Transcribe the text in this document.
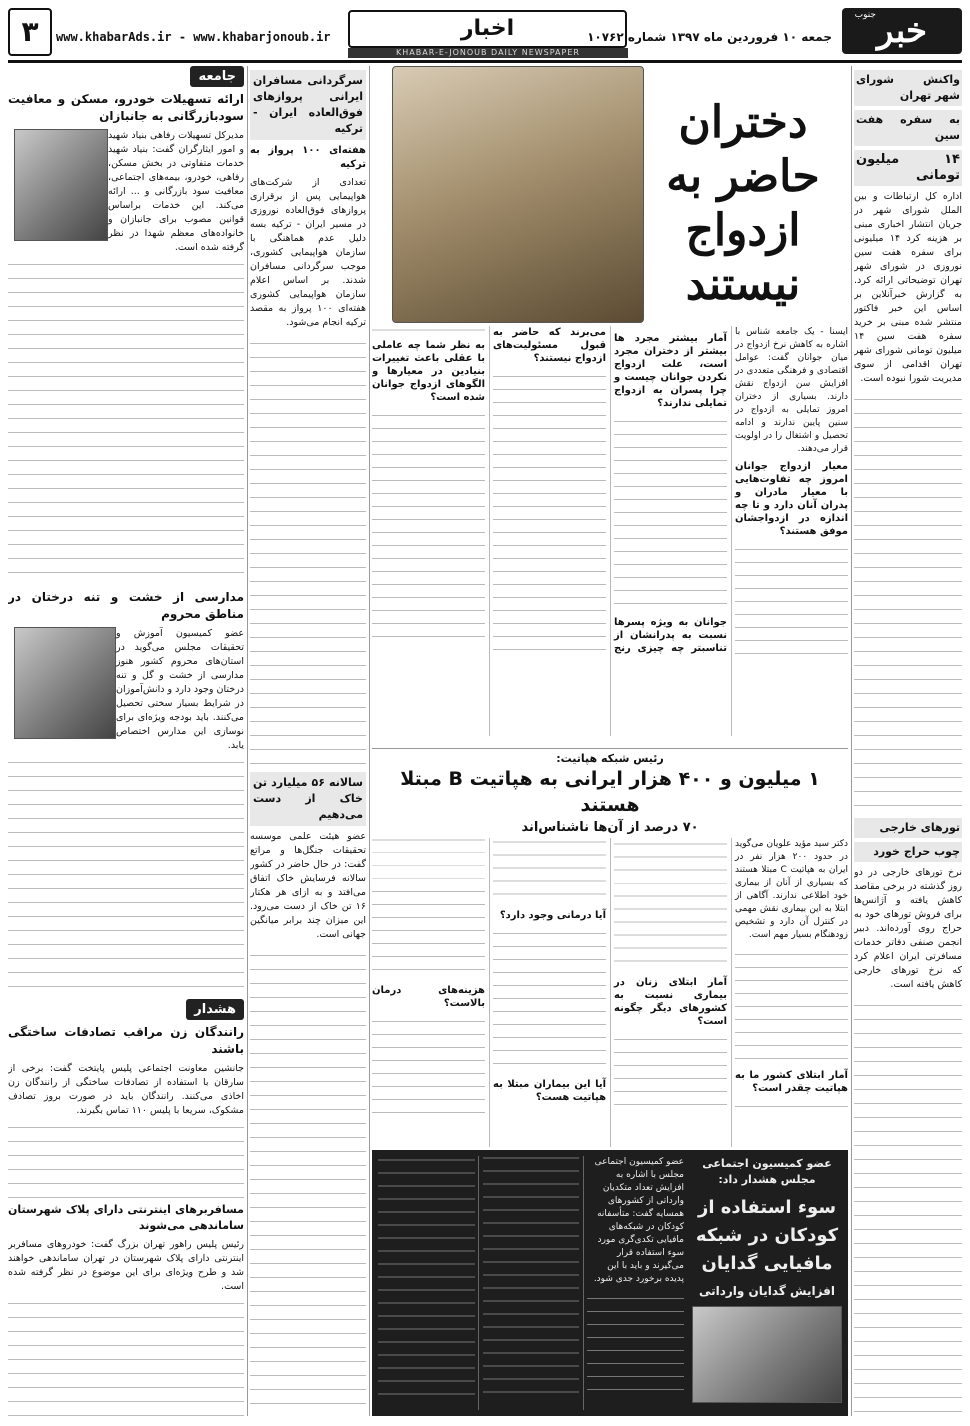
خبر
جنوب
جمعه ۱۰ فروردین ماه ۱۳۹۷ شماره ۱۰۷۶۲
اخبار
KHABAR-E-JONOUB DAILY NEWSPAPER
www.khabarAds.ir - www.khabarjonoub.ir
۳
واکنش شورای شهر تهران
به سفره هفت سین
۱۴ میلیون تومانی

اداره کل ارتباطات و بین الملل شورای شهر در جریان انتشار اخباری مبنی بر هزینه کرد ۱۴ میلیونی برای سفره هفت سین نوروزی در شورای شهر تهران توضیحاتی ارائه کرد. به گزارش خبرآنلاین بر اساس این خبر فاکتور منتشر شده مبنی بر خرید سفره هفت سین ۱۴ میلیون تومانی شورای شهر تهران اقدامی از سوی مدیریت شورا نبوده است.

تورهای خارجی
چوب حراج خورد

نرخ تورهای خارجی در دو روز گذشته در برخی مقاصد کاهش یافته و آژانس‌ها برای فروش تورهای خود به حراج روی آورده‌اند. دبیر انجمن صنفی دفاتر خدمات مسافرتی ایران اعلام کرد که نرخ تورهای خارجی کاهش یافته است.

دختران حاضر به ازدواج نیستند

ایسنا - یک جامعه شناس با اشاره به کاهش نرخ ازدواج در میان جوانان گفت: عوامل اقتصادی و فرهنگی متعددی در افزایش سن ازدواج نقش دارند. بسیاری از دختران امروز تمایلی به ازدواج در سنین پایین ندارند و ادامه تحصیل و اشتغال را در اولویت قرار می‌دهند.

معیار ازدواج جوانان امروز چه تفاوت‌هایی با معیار مادران و پدران آنان دارد و تا چه اندازه در ازدواجشان موفق هستند؟

آمار بیشتر مجرد ها بیشتر از دختران مجرد است، علت ازدواج نکردن جوانان چیست و چرا پسران به ازدواج تمایلی ندارند؟

جوانان به ویژه پسرها نسبت به پدرانشان از تناسبتر چه چیزی رنج می‌برند که حاضر به قبول مسئولیت‌های ازدواج نیستند؟

به نظر شما چه عاملی با عقلی باعث تغییرات بنیادین در معیارها و الگوهای ازدواج جوانان شده است؟

رئیس شبکه هپاتیت:
۱ میلیون و ۴۰۰ هزار ایرانی به هپاتیت B مبتلا هستند
۷۰ درصد از آن‌ها ناشناس‌اند

دکتر سید مؤید علویان می‌گوید در حدود ۲۰۰ هزار نفر در ایران به هپاتیت C مبتلا هستند که بسیاری از آنان از بیماری خود اطلاعی ندارند. آگاهی از ابتلا به این بیماری نقش مهمی در کنترل آن دارد و تشخیص زودهنگام بسیار مهم است.

آمار ابتلای کشور ما به هپاتیت چقدر است؟

آمار ابتلای زنان در بیماری نسبت به کشورهای دیگر چگونه است؟

آیا درمانی وجود دارد؟

آیا این بیماران مبتلا به هپاتیت هست؟

هزینه‌های درمان بالاست؟

عضو کمیسیون اجتماعی مجلس هشدار داد:
سوء استفاده از کودکان در شبکه مافیایی گدایان
افزایش گدایان وارداتی

عضو کمیسیون اجتماعی مجلس با اشاره به افزایش تعداد متکدیان وارداتی از کشورهای همسایه گفت: متأسفانه کودکان در شبکه‌های مافیایی تکدی‌گری مورد سوء استفاده قرار می‌گیرند و باید با این پدیده برخورد جدی شود.

سرگردانی مسافران ایرانی پروازهای فوق‌العاده ایران - ترکیه
هفته‌ای ۱۰۰ پرواز به ترکیه

تعدادی از شرکت‌های هواپیمایی پس از برقراری پروازهای فوق‌العاده نوروزی در مسیر ایران - ترکیه بسه دلیل عدم هماهنگی با سازمان هواپیمایی کشوری، موجب سرگردانی مسافران شدند. بر اساس اعلام سازمان هواپیمایی کشوری هفته‌ای ۱۰۰ پرواز به مقصد ترکیه انجام می‌شود.

سالانه ۵۶ میلیارد تن خاک از دست می‌دهیم

عضو هیئت علمی موسسه تحقیقات جنگل‌ها و مراتع گفت: در حال حاضر در کشور سالانه فرسایش خاک اتفاق می‌افتد و به ازای هر هکتار ۱۶ تن خاک از دست می‌رود. این میزان چند برابر میانگین جهانی است.

جامعه
ارائه تسهیلات خودرو، مسکن و معافیت سودبازرگانی به جانبازان

مدیرکل تسهیلات رفاهی بنیاد شهید و امور ایثارگران گفت: بنیاد شهید خدمات متفاوتی در بخش مسکن، رفاهی، خودرو، بیمه‌های اجتماعی، معافیت سود بازرگانی و ... ارائه می‌کند. این خدمات براساس قوانین مصوب برای جانبازان و خانواده‌های معظم شهدا در نظر گرفته شده است.

مدارسی از خشت و تنه درختان در مناطق محروم

عضو کمیسیون آموزش و تحقیقات مجلس می‌گوید در استان‌های محروم کشور هنوز مدارسی از خشت و گل و تنه درختان وجود دارد و دانش‌آموزان در شرایط بسیار سختی تحصیل می‌کنند. باید بودجه ویژه‌ای برای نوسازی این مدارس اختصاص یابد.

هشدار
رانندگان زن مراقب تصادفات ساختگی باشند

جانشین معاونت اجتماعی پلیس پایتخت گفت: برخی از سارقان با استفاده از تصادفات ساختگی از رانندگان زن اخاذی می‌کنند. رانندگان باید در صورت بروز تصادف مشکوک، سریعا با پلیس ۱۱۰ تماس بگیرند.

مسافربرهای اینترنتی دارای پلاک شهرستان ساماندهی می‌شوند

رئیس پلیس راهور تهران بزرگ گفت: خودروهای مسافربر اینترنتی دارای پلاک شهرستان در تهران ساماندهی خواهند شد و طرح ویژه‌ای برای این موضوع در نظر گرفته شده است.
